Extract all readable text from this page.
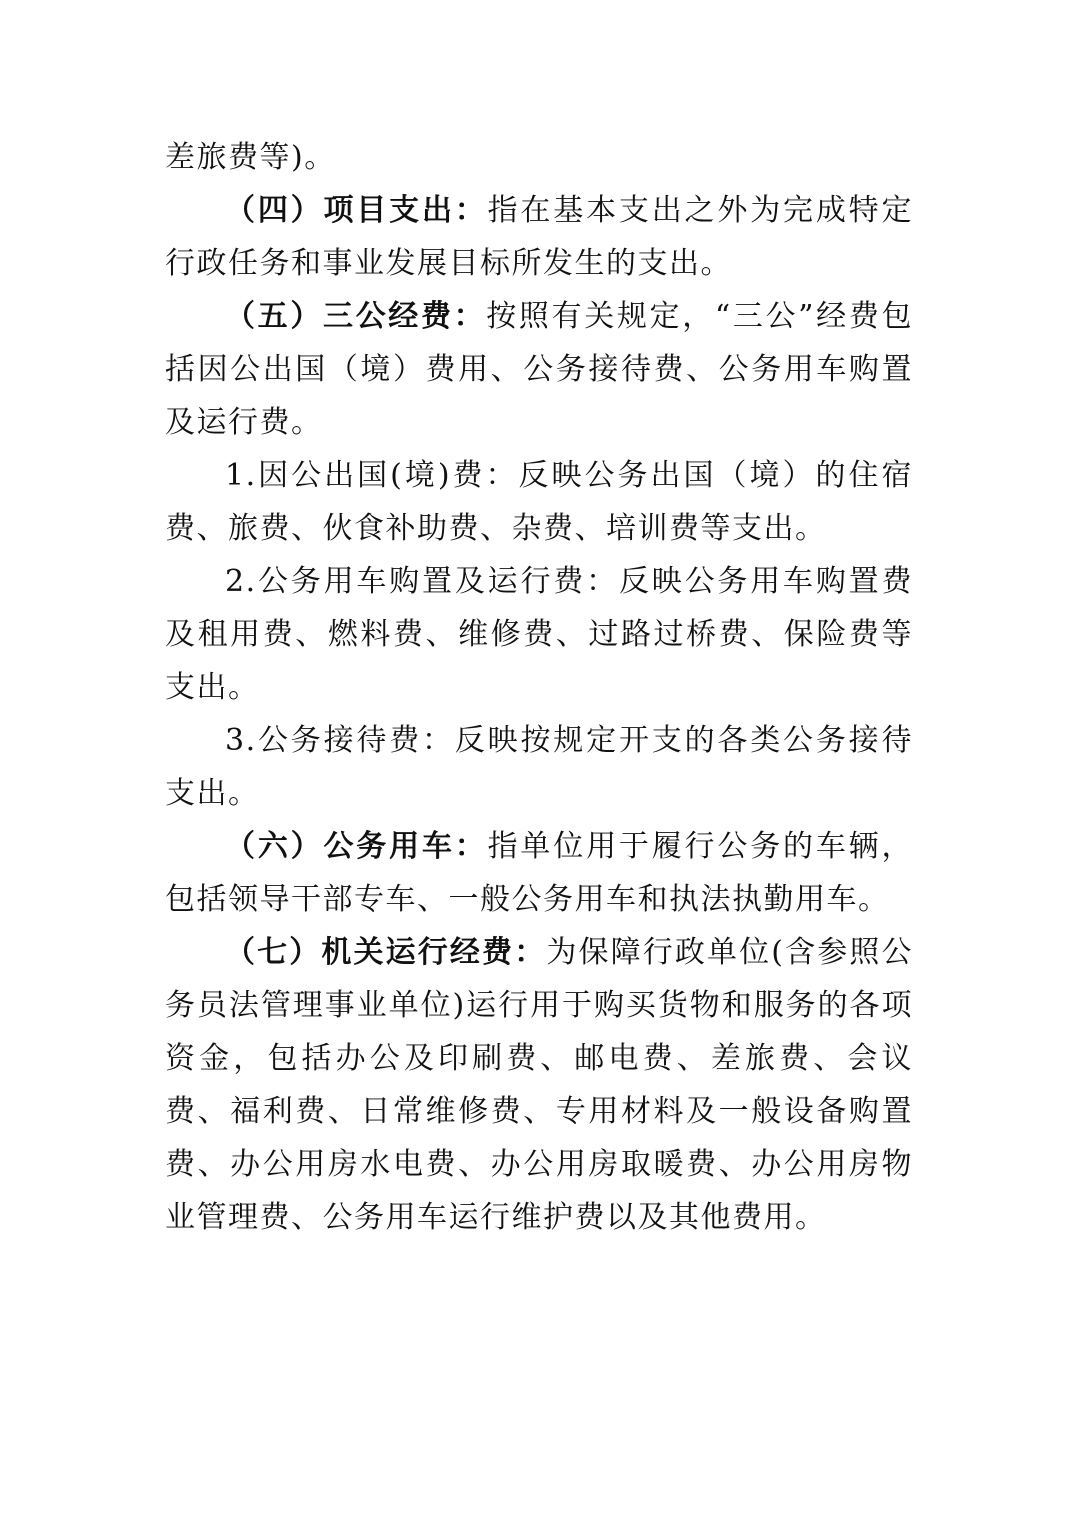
差旅费等)。

（四）项目支出：指在基本支出之外为完成特定行政任务和事业发展目标所发生的支出。

（五）三公经费：按照有关规定，“三公”经费包括因公出国（境）费用、公务接待费、公务用车购置及运行费。

1.因公出国(境)费：反映公务出国（境）的住宿费、旅费、伙食补助费、杂费、培训费等支出。

2.公务用车购置及运行费：反映公务用车购置费及租用费、燃料费、维修费、过路过桥费、保险费等支出。

3.公务接待费：反映按规定开支的各类公务接待支出。

（六）公务用车：指单位用于履行公务的车辆，包括领导干部专车、一般公务用车和执法执勤用车。

（七）机关运行经费：为保障行政单位(含参照公务员法管理事业单位)运行用于购买货物和服务的各项资金，包括办公及印刷费、邮电费、差旅费、会议费、福利费、日常维修费、专用材料及一般设备购置费、办公用房水电费、办公用房取暖费、办公用房物业管理费、公务用车运行维护费以及其他费用。
